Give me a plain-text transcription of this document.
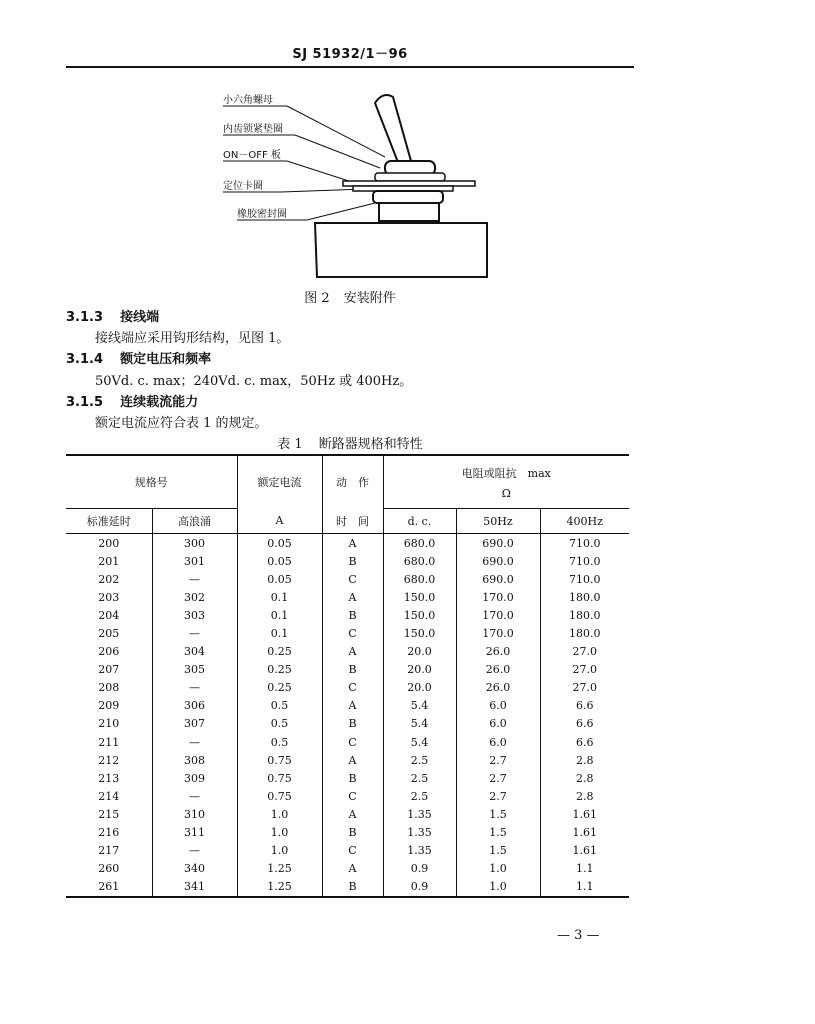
SJ 51932/1－96
小六角螺母
内齿锁紧垫圈
ON－OFF 板
定位卡圈
橡胶密封圈
图 2 安装附件
3.1.3 接线端
接线端应采用钩形结构，见图 1。
3.1.4 额定电压和频率
50Vd. c. max；240Vd. c. max，50Hz 或 400Hz。
3.1.5 连续载流能力
额定电流应符合表 1 的规定。
表 1 断路器规格和特性
规格号		额定电流	动　作	电阻或阻抗　max
Ω		

标准延时	高浪涌	A	时　间	d. c.	50Hz	400Hz
200	300	0.05	A	680.0	690.0	710.0
201	301	0.05	B	680.0	690.0	710.0
202	—	0.05	C	680.0	690.0	710.0
203	302	0.1	A	150.0	170.0	180.0
204	303	0.1	B	150.0	170.0	180.0
205	—	0.1	C	150.0	170.0	180.0
206	304	0.25	A	20.0	26.0	27.0
207	305	0.25	B	20.0	26.0	27.0
208	—	0.25	C	20.0	26.0	27.0
209	306	0.5	A	5.4	6.0	6.6
210	307	0.5	B	5.4	6.0	6.6
211	—	0.5	C	5.4	6.0	6.6
212	308	0.75	A	2.5	2.7	2.8
213	309	0.75	B	2.5	2.7	2.8
214	—	0.75	C	2.5	2.7	2.8
215	310	1.0	A	1.35	1.5	1.61
216	311	1.0	B	1.35	1.5	1.61
217	—	1.0	C	1.35	1.5	1.61
260	340	1.25	A	0.9	1.0	1.1
261	341	1.25	B	0.9	1.0	1.1
— 3 —
